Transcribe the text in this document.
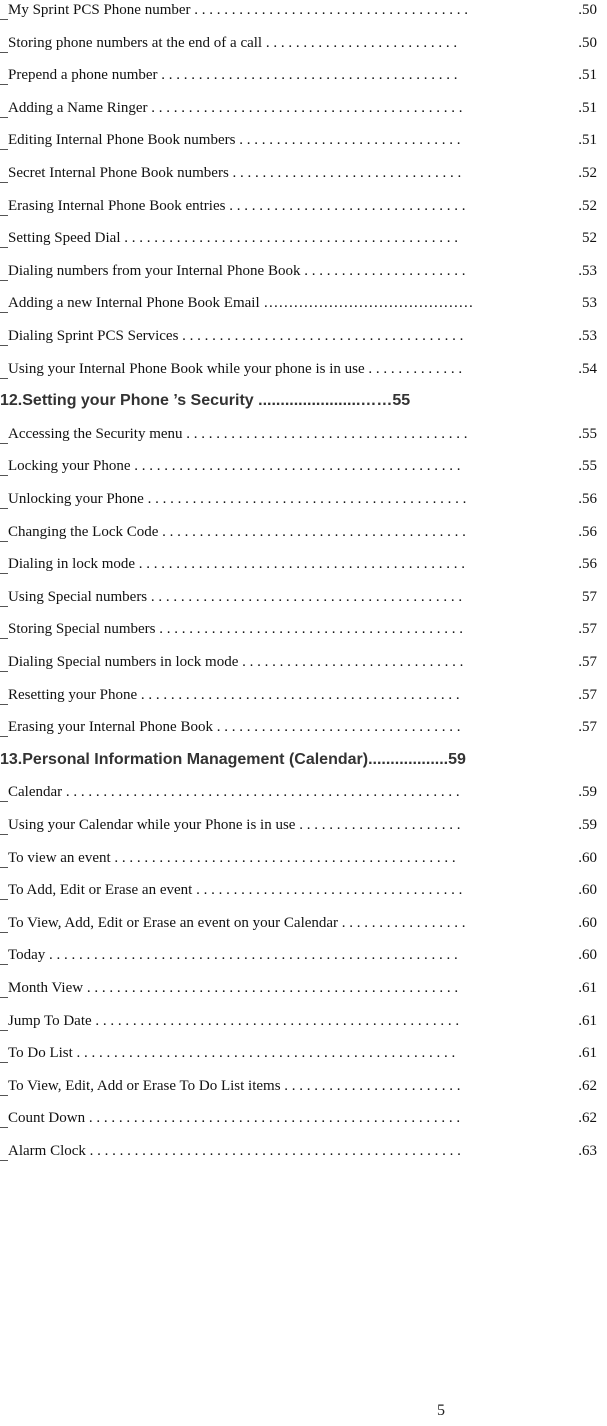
My Sprint PCS Phone number . . . . . . . . . . . . . . . . . . . . . . . . . . . . . . . . . . . . .	.50
Storing phone numbers at the end of a call . . . . . . . . . . . . . . . . . . . . . . . . . .	.50
Prepend a phone number . . . . . . . . . . . . . . . . . . . . . . . . . . . . . . . . . . . . . . . .	.51
Adding a Name Ringer . . . . . . . . . . . . . . . . . . . . . . . . . . . . . . . . . . . . . . . . . .	.51
Editing Internal Phone Book numbers . . . . . . . . . . . . . . . . . . . . . . . . . . . . . .	.51
Secret Internal Phone Book numbers . . . . . . . . . . . . . . . . . . . . . . . . . . . . . . .	.52
Erasing Internal Phone Book entries . . . . . . . . . . . . . . . . . . . . . . . . . . . . . . . .	.52
Setting Speed Dial . . . . . . . . . . . . . . . . . . . . . . . . . . . . . . . . . . . . . . . . . . . . .	52
Dialing numbers from your Internal Phone Book . . . . . . . . . . . . . . . . . . . . . .	.53
Adding a new Internal Phone Book Email ……………………………………	53
Dialing Sprint PCS Services . . . . . . . . . . . . . . . . . . . . . . . . . . . . . . . . . . . . . .	.53
Using your Internal Phone Book while your phone is in use . . . . . . . . . . . . .	.54
12.Setting your Phone ’s Security .......................……55
Accessing the Security menu . . . . . . . . . . . . . . . . . . . . . . . . . . . . . . . . . . . . . .	.55
Locking your Phone . . . . . . . . . . . . . . . . . . . . . . . . . . . . . . . . . . . . . . . . . . . .	.55
Unlocking your Phone . . . . . . . . . . . . . . . . . . . . . . . . . . . . . . . . . . . . . . . . . . .	.56
Changing the Lock Code . . . . . . . . . . . . . . . . . . . . . . . . . . . . . . . . . . . . . . . . .	.56
Dialing in lock mode . . . . . . . . . . . . . . . . . . . . . . . . . . . . . . . . . . . . . . . . . . . .	.56
Using Special numbers . . . . . . . . . . . . . . . . . . . . . . . . . . . . . . . . . . . . . . . . . .	57
Storing Special numbers . . . . . . . . . . . . . . . . . . . . . . . . . . . . . . . . . . . . . . . . .	.57
Dialing Special numbers in lock mode . . . . . . . . . . . . . . . . . . . . . . . . . . . . . .	.57
Resetting your Phone . . . . . . . . . . . . . . . . . . . . . . . . . . . . . . . . . . . . . . . . . . .	.57
Erasing your Internal Phone Book . . . . . . . . . . . . . . . . . . . . . . . . . . . . . . . . .	.57
13.Personal Information Management (Calendar)..................59
Calendar . . . . . . . . . . . . . . . . . . . . . . . . . . . . . . . . . . . . . . . . . . . . . . . . . . . . .	.59
Using your Calendar while your Phone is in use . . . . . . . . . . . . . . . . . . . . . .	.59
To view an event . . . . . . . . . . . . . . . . . . . . . . . . . . . . . . . . . . . . . . . . . . . . . .	.60
To Add, Edit or Erase an event . . . . . . . . . . . . . . . . . . . . . . . . . . . . . . . . . . . .	.60
To View, Add, Edit or Erase an event on your Calendar . . . . . . . . . . . . . . . . .	.60
Today . . . . . . . . . . . . . . . . . . . . . . . . . . . . . . . . . . . . . . . . . . . . . . . . . . . . . . .	.60
Month View . . . . . . . . . . . . . . . . . . . . . . . . . . . . . . . . . . . . . . . . . . . . . . . . . .	.61
Jump To Date . . . . . . . . . . . . . . . . . . . . . . . . . . . . . . . . . . . . . . . . . . . . . . . . .	.61
To Do List . . . . . . . . . . . . . . . . . . . . . . . . . . . . . . . . . . . . . . . . . . . . . . . . . . .	.61
To View, Edit, Add or Erase To Do List items . . . . . . . . . . . . . . . . . . . . . . . .	.62
Count Down . . . . . . . . . . . . . . . . . . . . . . . . . . . . . . . . . . . . . . . . . . . . . . . . . .	.62
Alarm Clock . . . . . . . . . . . . . . . . . . . . . . . . . . . . . . . . . . . . . . . . . . . . . . . . . .	.63
5
